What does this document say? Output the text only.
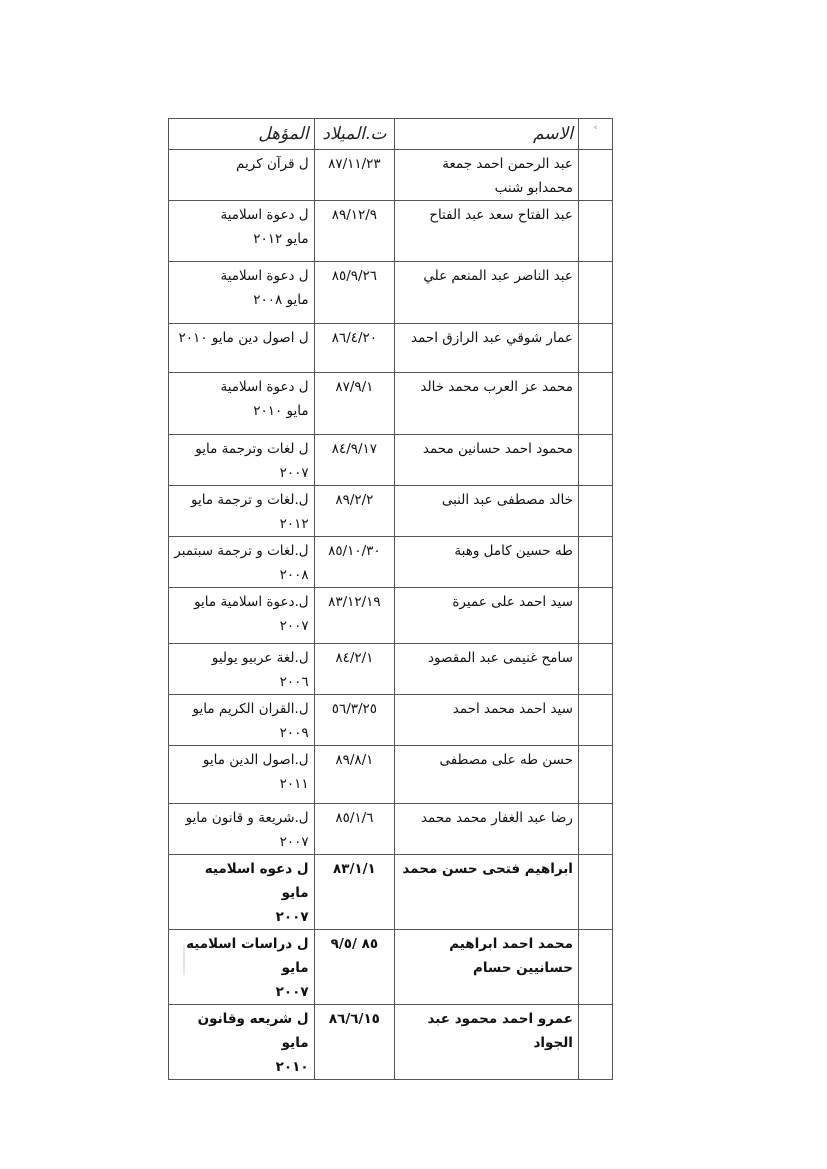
˂	الاسم	ت.الميلاد	المؤهل
	عبد الرحمن احمد جمعة محمدابو شنب	٨٧/١١/٢٣	ل قرآن كريم

	عبد الفتاح سعد عبد الفتاح	٨٩/١٢/٩	ل دعوة اسلامية
مايو ٢٠١٢

	عبد الناصر عبد المنعم علي	٨٥/٩/٢٦	ل دعوة اسلامية
مايو ٢٠٠٨

	عمار شوقي عبد الرازق احمد	٨٦/٤/٢٠	ل اصول دين مايو ٢٠١٠

	محمد عز العرب محمد خالد	٨٧/٩/١	ل دعوة اسلامية
مايو ٢٠١٠

	محمود احمد حسانين محمد	٨٤/٩/١٧	ل لغات وترجمة مايو
٢٠٠٧

	خالد مصطفى عبد النبى	٨٩/٢/٢	ل.لغات و ترجمة مايو
٢٠١٢

	طه حسين كامل وهبة	٨٥/١٠/٣٠	ل.لغات و ترجمة سبتمبر
٢٠٠٨

	سيد احمد على عميرة	٨٣/١٢/١٩	ل.دعوة اسلامية مايو
٢٠٠٧

	سامح غنيمى عبد المقصود	٨٤/٢/١	ل.لغة عربيو يوليو
٢٠٠٦

	سيد احمد محمد احمد	٥٦/٣/٢٥	ل.القران الكريم مايو
٢٠٠٩

	حسن طه على مصطفى	٨٩/٨/١	ل.اصول الدين مايو
٢٠١١

	رضا عبد الغفار محمد محمد	٨٥/١/٦	ل.شريعة و قانون مايو
٢٠٠٧

	ابراهيم فتحى حسن محمد	٨٣/١/١	ل دعوه اسلاميه مايو
٢٠٠٧

	محمد احمد ابراهيم حسانيين حسام	٨٥ /٩/٥	ل دراسات اسلاميه مايو
٢٠٠٧

	عمرو احمد محمود عبد الجواد	٨٦/٦/١٥	ل شريعه وقانون مايو
٢٠١٠
